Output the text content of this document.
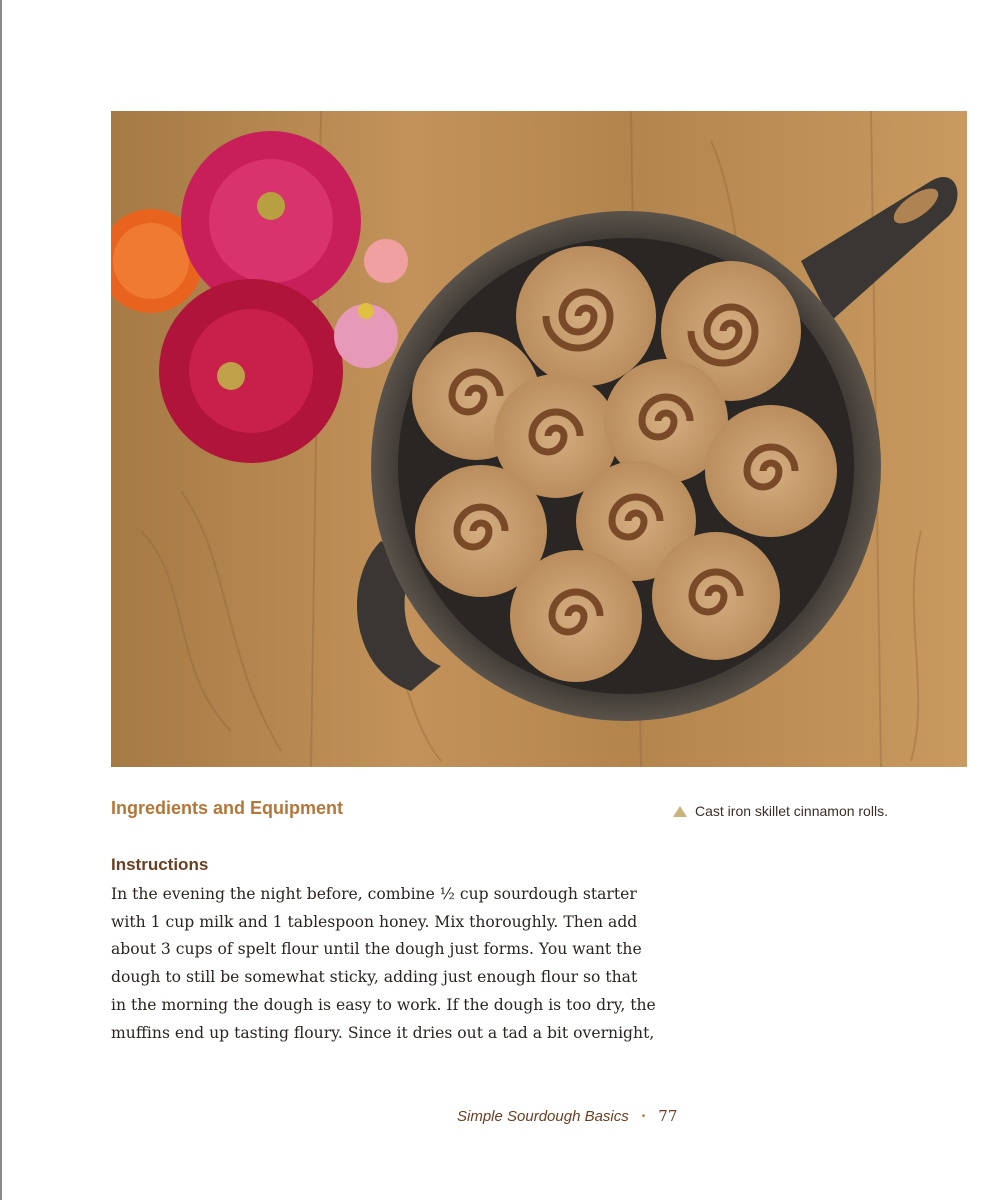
Ingredients and Equipment	Cast iron skillet cinnamon rolls.
Instructions
In the evening the night before, combine ½ cup sourdough starter
with 1 cup milk and 1 tablespoon honey. Mix thoroughly. Then add
about 3 cups of spelt flour until the dough just forms. You want the
dough to still be somewhat sticky, adding just enough flour so that
in the morning the dough is easy to work. If the dough is too dry, the
muffins end up tasting floury. Since it dries out a tad a bit overnight,
Simple Sourdough Basics • 77
